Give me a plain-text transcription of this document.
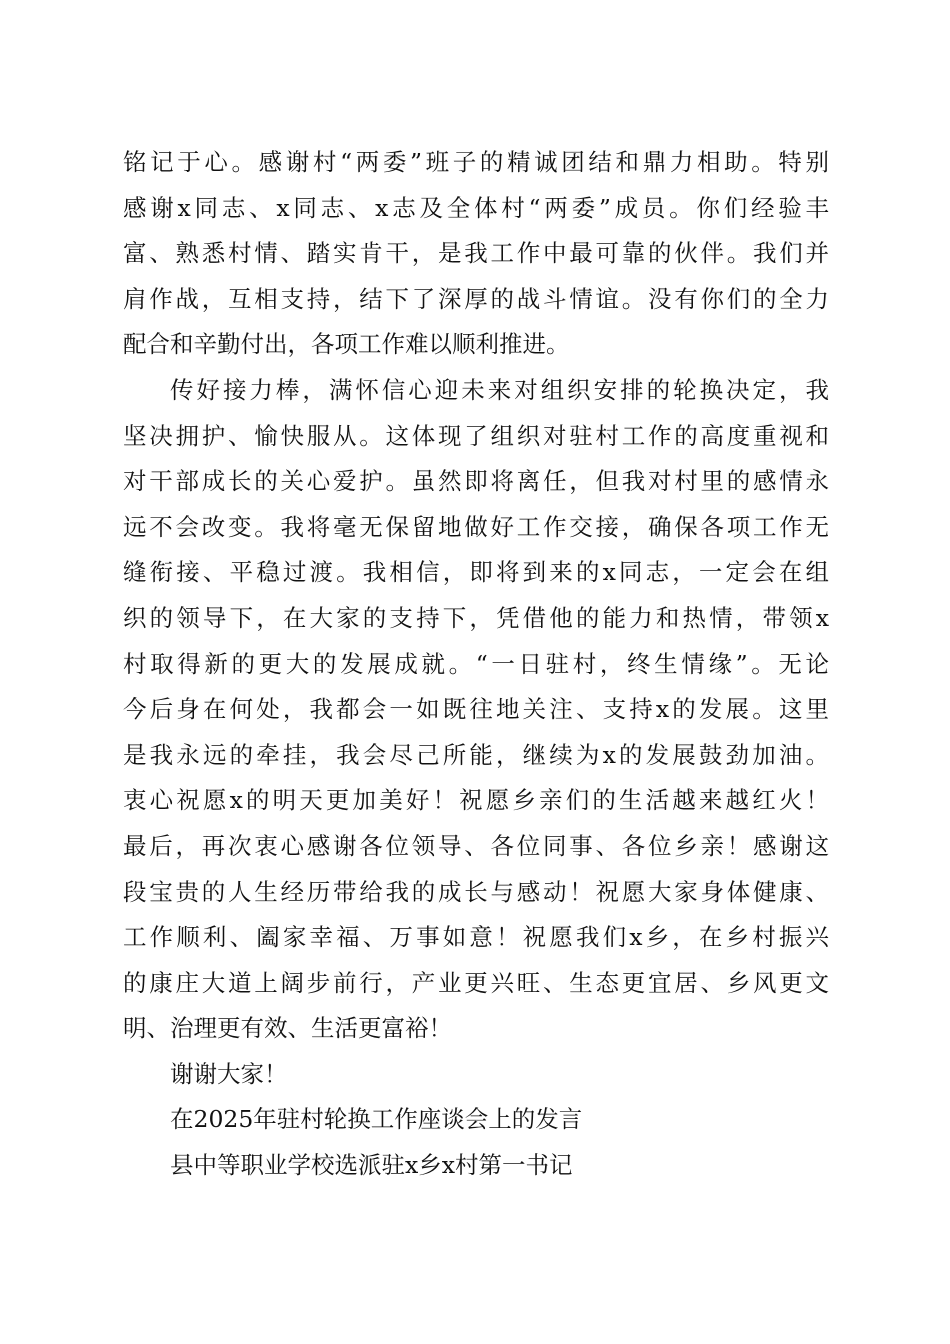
铭记于心。感谢村“两委”班子的精诚团结和鼎力相助。特别
感谢x同志、x同志、x志及全体村“两委”成员。你们经验丰
富、熟悉村情、踏实肯干，是我工作中最可靠的伙伴。我们并
肩作战，互相支持，结下了深厚的战斗情谊。没有你们的全力
配合和辛勤付出，各项工作难以顺利推进。
传好接力棒，满怀信心迎未来对组织安排的轮换决定，我
坚决拥护、愉快服从。这体现了组织对驻村工作的高度重视和
对干部成长的关心爱护。虽然即将离任，但我对村里的感情永
远不会改变。我将毫无保留地做好工作交接，确保各项工作无
缝衔接、平稳过渡。我相信，即将到来的x同志，一定会在组
织的领导下，在大家的支持下，凭借他的能力和热情，带领x
村取得新的更大的发展成就。“一日驻村，终生情缘”。无论
今后身在何处，我都会一如既往地关注、支持x的发展。这里
是我永远的牵挂，我会尽己所能，继续为x的发展鼓劲加油。
衷心祝愿x的明天更加美好！祝愿乡亲们的生活越来越红火！
最后，再次衷心感谢各位领导、各位同事、各位乡亲！感谢这
段宝贵的人生经历带给我的成长与感动！祝愿大家身体健康、
工作顺利、阖家幸福、万事如意！祝愿我们x乡，在乡村振兴
的康庄大道上阔步前行，产业更兴旺、生态更宜居、乡风更文
明、治理更有效、生活更富裕！
谢谢大家！
在2025年驻村轮换工作座谈会上的发言
县中等职业学校选派驻x乡x村第一书记
